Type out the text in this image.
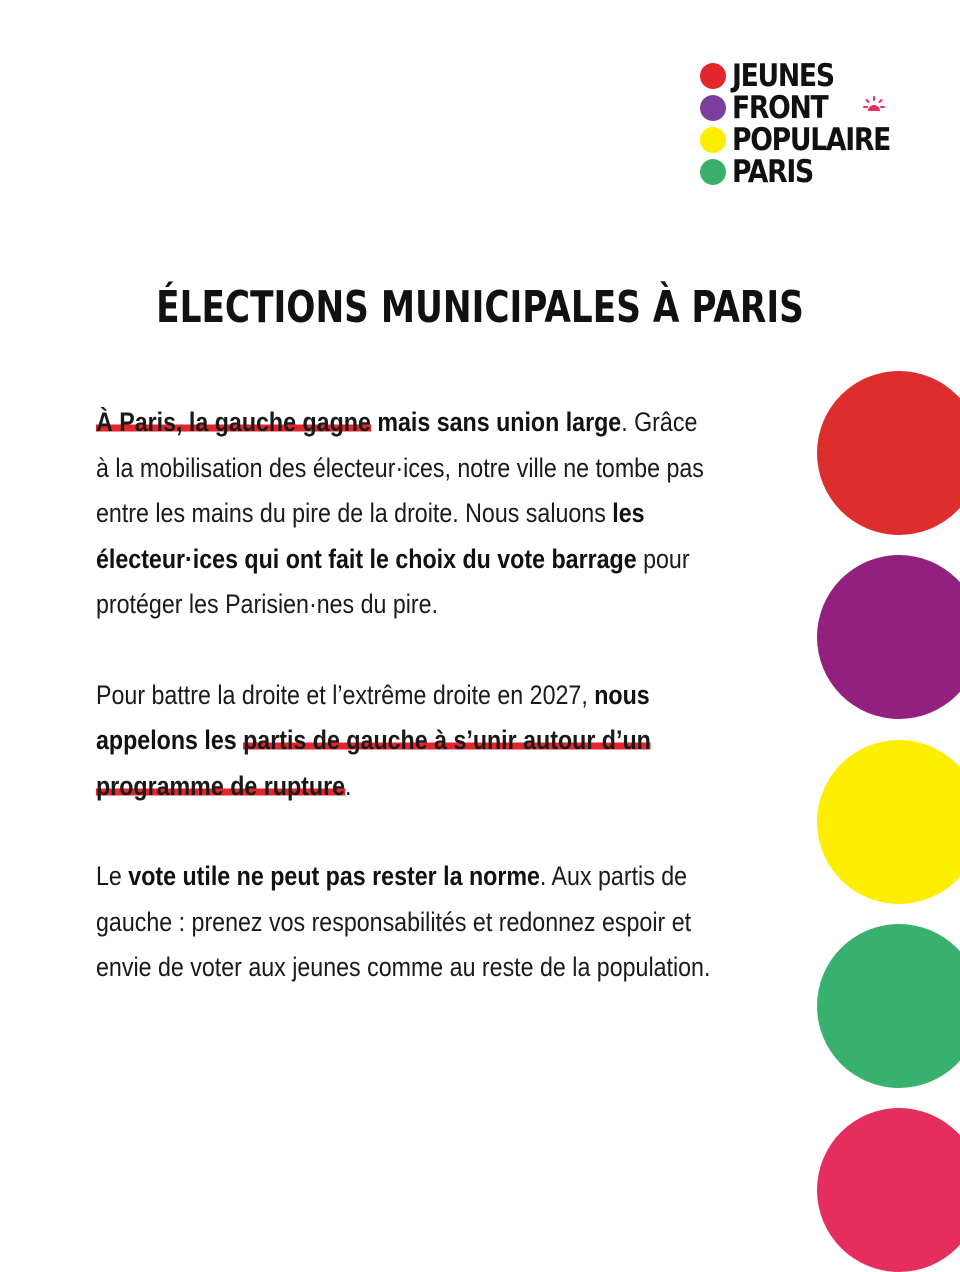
JEUNES
FRONT
POPULAIRE
PARIS
ÉLECTIONS MUNICIPALES À PARIS

À Paris, la gauche gagne mais sans union large. Grâce à la mobilisation des électeur·ices, notre ville ne tombe pas entre les mains du pire de la droite. Nous saluons les électeur·ices qui ont fait le choix du vote barrage pour protéger les Parisien·nes du pire.

Pour battre la droite et l’extrême droite en 2027, nous appelons les partis de gauche à s’unir autour d’un programme de rupture.

Le vote utile ne peut pas rester la norme. Aux partis de gauche : prenez vos responsabilités et redonnez espoir et envie de voter aux jeunes comme au reste de la population.
